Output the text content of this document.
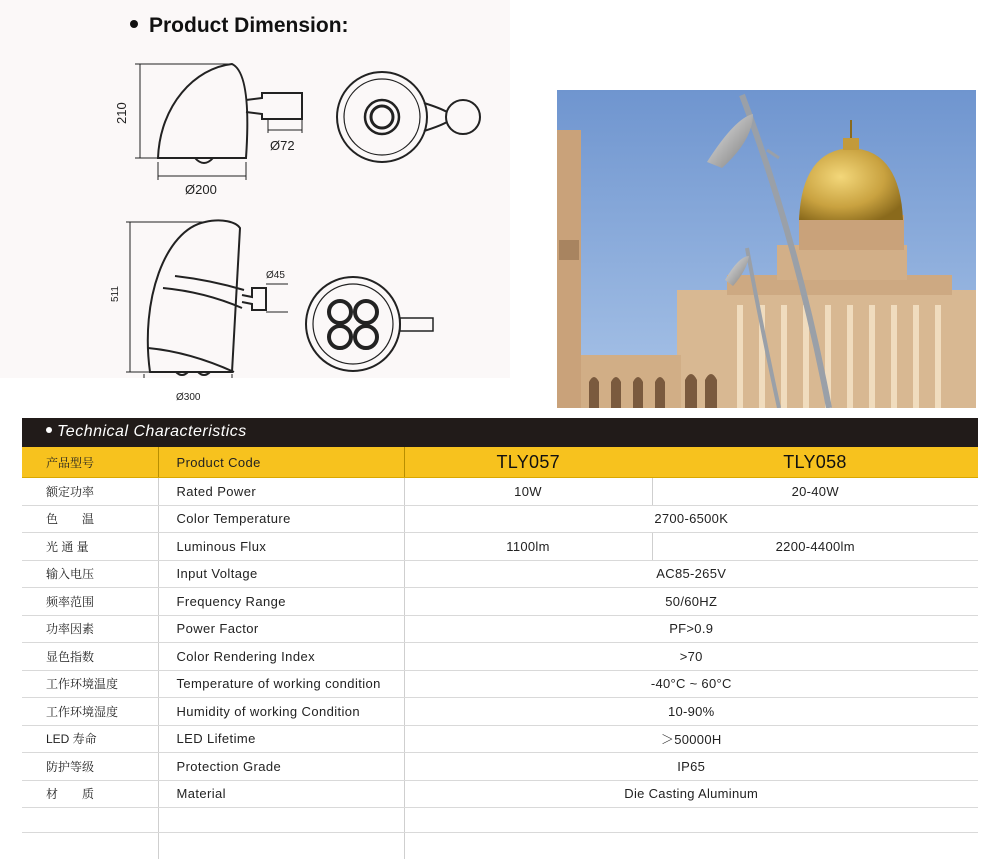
Product Dimension:
210
Ø200
Ø72
511
Ø300
Ø45
Technical Characteristics
产品型号	Product Code	TLY057	TLY058
额定功率	Rated Power	10W	20-40W
色　　温	Color Temperature	2700-6500K	
光 通 量	Luminous Flux	1100lm	2200-4400lm
输入电压	Input Voltage	AC85-265V	
频率范围	Frequency Range	50/60HZ	
功率因素	Power Factor	PF>0.9	
显色指数	Color Rendering Index	>70	
工作环境温度	Temperature of working condition	-40°C ~ 60°C	
工作环境湿度	Humidity of working Condition	10-90%	
LED 寿命	LED Lifetime	＞50000H	
防护等级	Protection Grade	IP65	
材　　质	Material	Die Casting Aluminum	
